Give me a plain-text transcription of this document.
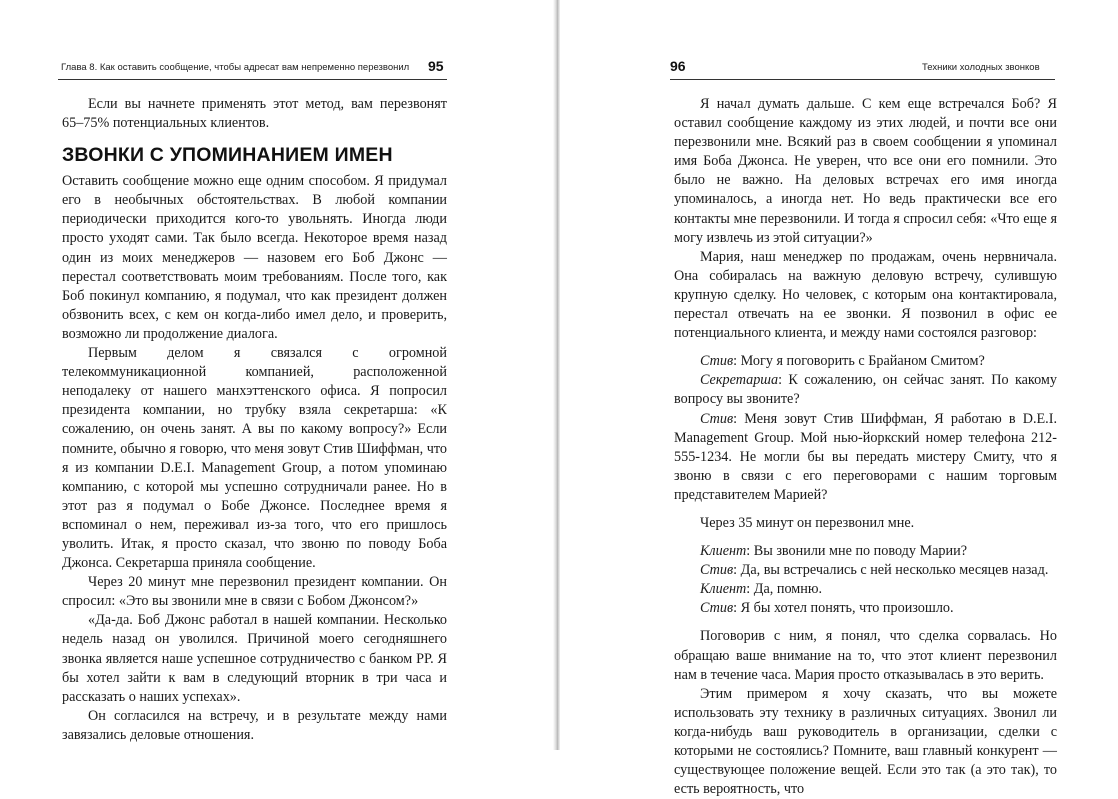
Глава 8. Как оставить сообщение, чтобы адресат вам непременно перезвонил 95

Если вы начнете применять этот метод, вам перезвонят 65–75% потенциальных клиентов.

ЗВОНКИ С УПОМИНАНИЕМ ИМЕН

Оставить сообщение можно еще одним способом. Я придумал его в необычных обстоятельствах. В любой компании периодически приходится кого-то увольнять. Иногда люди просто уходят сами. Так было всегда. Некоторое время назад один из моих менеджеров — назовем его Боб Джонс — перестал соответствовать моим требованиям. После того, как Боб покинул компанию, я подумал, что как президент должен обзвонить всех, с кем он когда-либо имел дело, и проверить, возможно ли продолжение диалога.

Первым делом я связался с огромной телекоммуникационной компанией, расположенной неподалеку от нашего манхэттенского офиса. Я попросил президента компании, но трубку взяла секретарша: «К сожалению, он очень занят. А вы по какому вопросу?» Если помните, обычно я говорю, что меня зовут Стив Шиффман, что я из компании D.E.I. Management Group, а потом упоминаю компанию, с которой мы успешно сотрудничали ранее. Но в этот раз я подумал о Бобе Джонсе. Последнее время я вспоминал о нем, переживал из-за того, что его пришлось уволить. Итак, я просто сказал, что звоню по поводу Боба Джонса. Секретарша приняла сообщение.

Через 20 минут мне перезвонил президент компании. Он спросил: «Это вы звонили мне в связи с Бобом Джонсом?»

«Да-да. Боб Джонс работал в нашей компании. Несколько недель назад он уволился. Причиной моего сегодняшнего звонка является наше успешное сотрудничество с банком РР. Я бы хотел зайти к вам в следующий вторник в три часа и рассказать о наших успехах».

Он согласился на встречу, и в результате между нами завязались деловые отношения.

96	Техники холодных звонков

Я начал думать дальше. С кем еще встречался Боб? Я оставил сообщение каждому из этих людей, и почти все они перезвонили мне. Всякий раз в своем сообщении я упоминал имя Боба Джонса. Не уверен, что все они его помнили. Это было не важно. На деловых встречах его имя иногда упоминалось, а иногда нет. Но ведь практически все его контакты мне перезвонили. И тогда я спросил себя: «Что еще я могу извлечь из этой ситуации?»

Мария, наш менеджер по продажам, очень нервничала. Она собиралась на важную деловую встречу, сулившую крупную сделку. Но человек, с которым она контактировала, перестал отвечать на ее звонки. Я позвонил в офис ее потенциального клиента, и между нами состоялся разговор:

Стив: Могу я поговорить с Брайаном Смитом?

Секретарша: К сожалению, он сейчас занят. По какому вопросу вы звоните?

Стив: Меня зовут Стив Шиффман, Я работаю в D.E.I. Management Group. Мой нью-йоркский номер телефона 212-555-1234. Не могли бы вы передать мистеру Смиту, что я звоню в связи с его переговорами с нашим торговым представителем Марией?

Через 35 минут он перезвонил мне.

Клиент: Вы звонили мне по поводу Марии?

Стив: Да, вы встречались с ней несколько месяцев назад.

Клиент: Да, помню.

Стив: Я бы хотел понять, что произошло.

Поговорив с ним, я понял, что сделка сорвалась. Но обращаю ваше внимание на то, что этот клиент перезвонил нам в течение часа. Мария просто отказывалась в это верить.

Этим примером я хочу сказать, что вы можете использовать эту технику в различных ситуациях. Звонил ли когда-нибудь ваш руководитель в организации, сделки с которыми не состоялись? Помните, ваш главный конкурент — существующее положение вещей. Если это так (а это так), то есть вероятность, что
